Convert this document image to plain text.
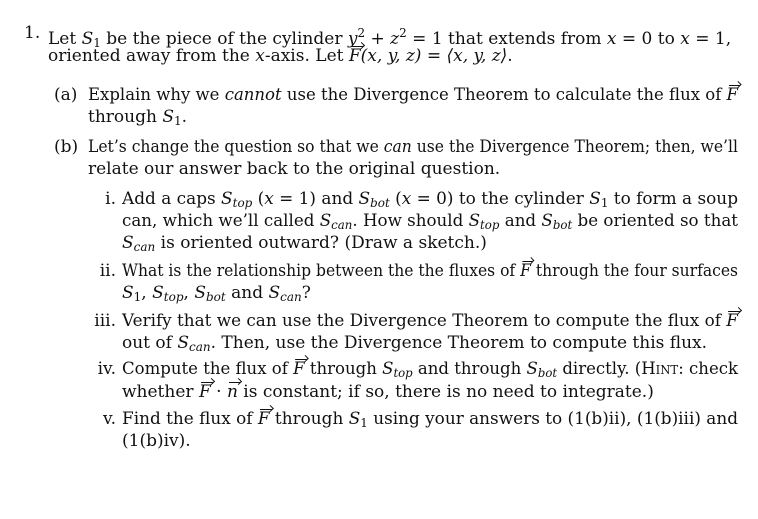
1. Let $S_1$ be the piece of the cylinder $y^2 + z^2 = 1$ that extends from x = 0 to x = 1,
oriented away from the x-axis. Let F(x, y, z) = ⟨x, y, z⟩.
(a) Explain why we cannot use the Divergence Theorem to calculate the flux of F
through $S_1$.
(b) Let’s change the question so that we can use the Divergence Theorem; then, we’ll
relate our answer back to the original question.
i. Add a caps Stop (x = 1) and Sbot (x = 0) to the cylinder $S_1$ to form a soup
can, which we’ll called Scan. How should Stop and Sbot be oriented so that
Scan is oriented outward? (Draw a sketch.)
ii. What is the relationship between the the fluxes of F through the four surfaces
$S_1$, Stop, Sbot and Scan?
iii. Verify that we can use the Divergence Theorem to compute the flux of F
out of Scan. Then, use the Divergence Theorem to compute this flux.
iv. Compute the flux of F through Stop and through Sbot directly. (Hint: check
whether F · n is constant; if so, there is no need to integrate.)
v. Find the flux of F through $S_1$ using your answers to (1(b)ii), (1(b)iii) and
(1(b)iv).
